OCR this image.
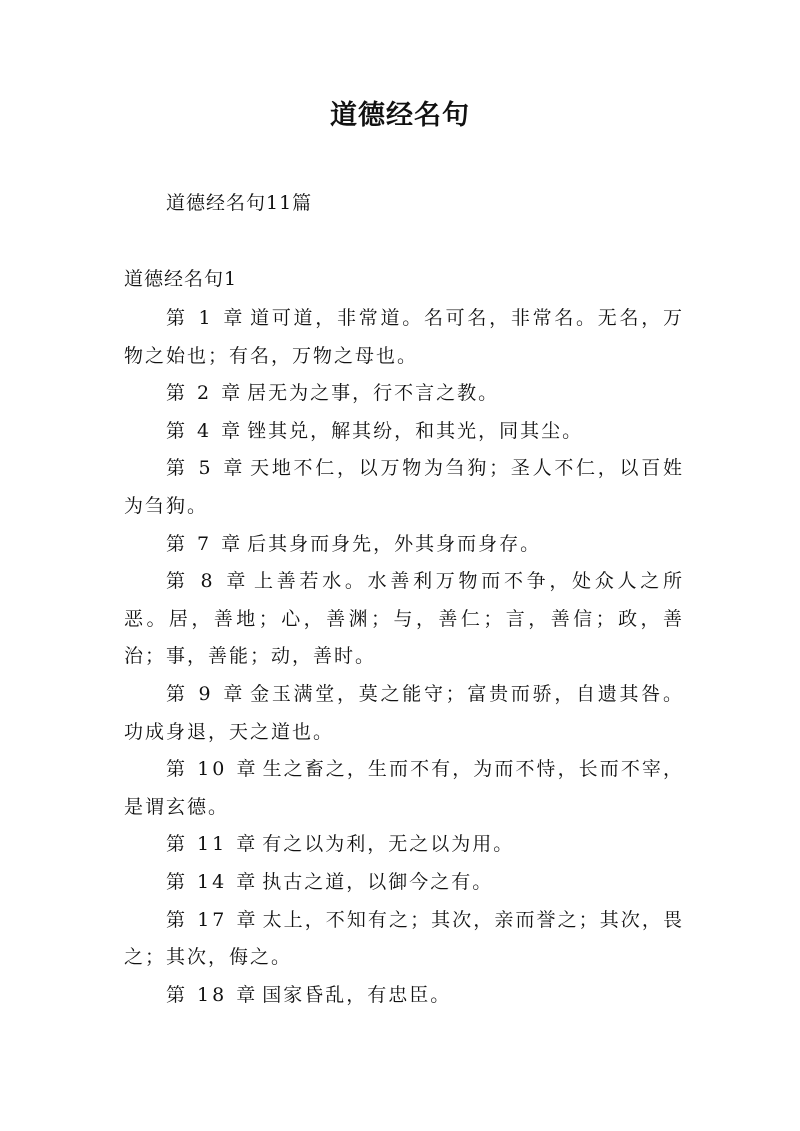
道德经名句
道德经名句11篇
道德经名句1
第 1 章 道可道，非常道。名可名，非常名。无名，万物之始也；有名，万物之母也。
第 2 章 居无为之事，行不言之教。
第 4 章 锉其兑，解其纷，和其光，同其尘。
第 5 章 天地不仁，以万物为刍狗；圣人不仁，以百姓为刍狗。
第 7 章 后其身而身先，外其身而身存。
第 8 章 上善若水。水善利万物而不争，处众人之所恶。居，善地；心，善渊；与，善仁；言，善信；政，善治；事，善能；动，善时。
第 9 章 金玉满堂，莫之能守；富贵而骄，自遗其咎。功成身退，天之道也。
第 10 章 生之畜之，生而不有，为而不恃，长而不宰，是谓玄德。
第 11 章 有之以为利，无之以为用。
第 14 章 执古之道，以御今之有。
第 17 章 太上，不知有之；其次，亲而誉之；其次，畏之；其次，侮之。
第 18 章 国家昏乱，有忠臣。
